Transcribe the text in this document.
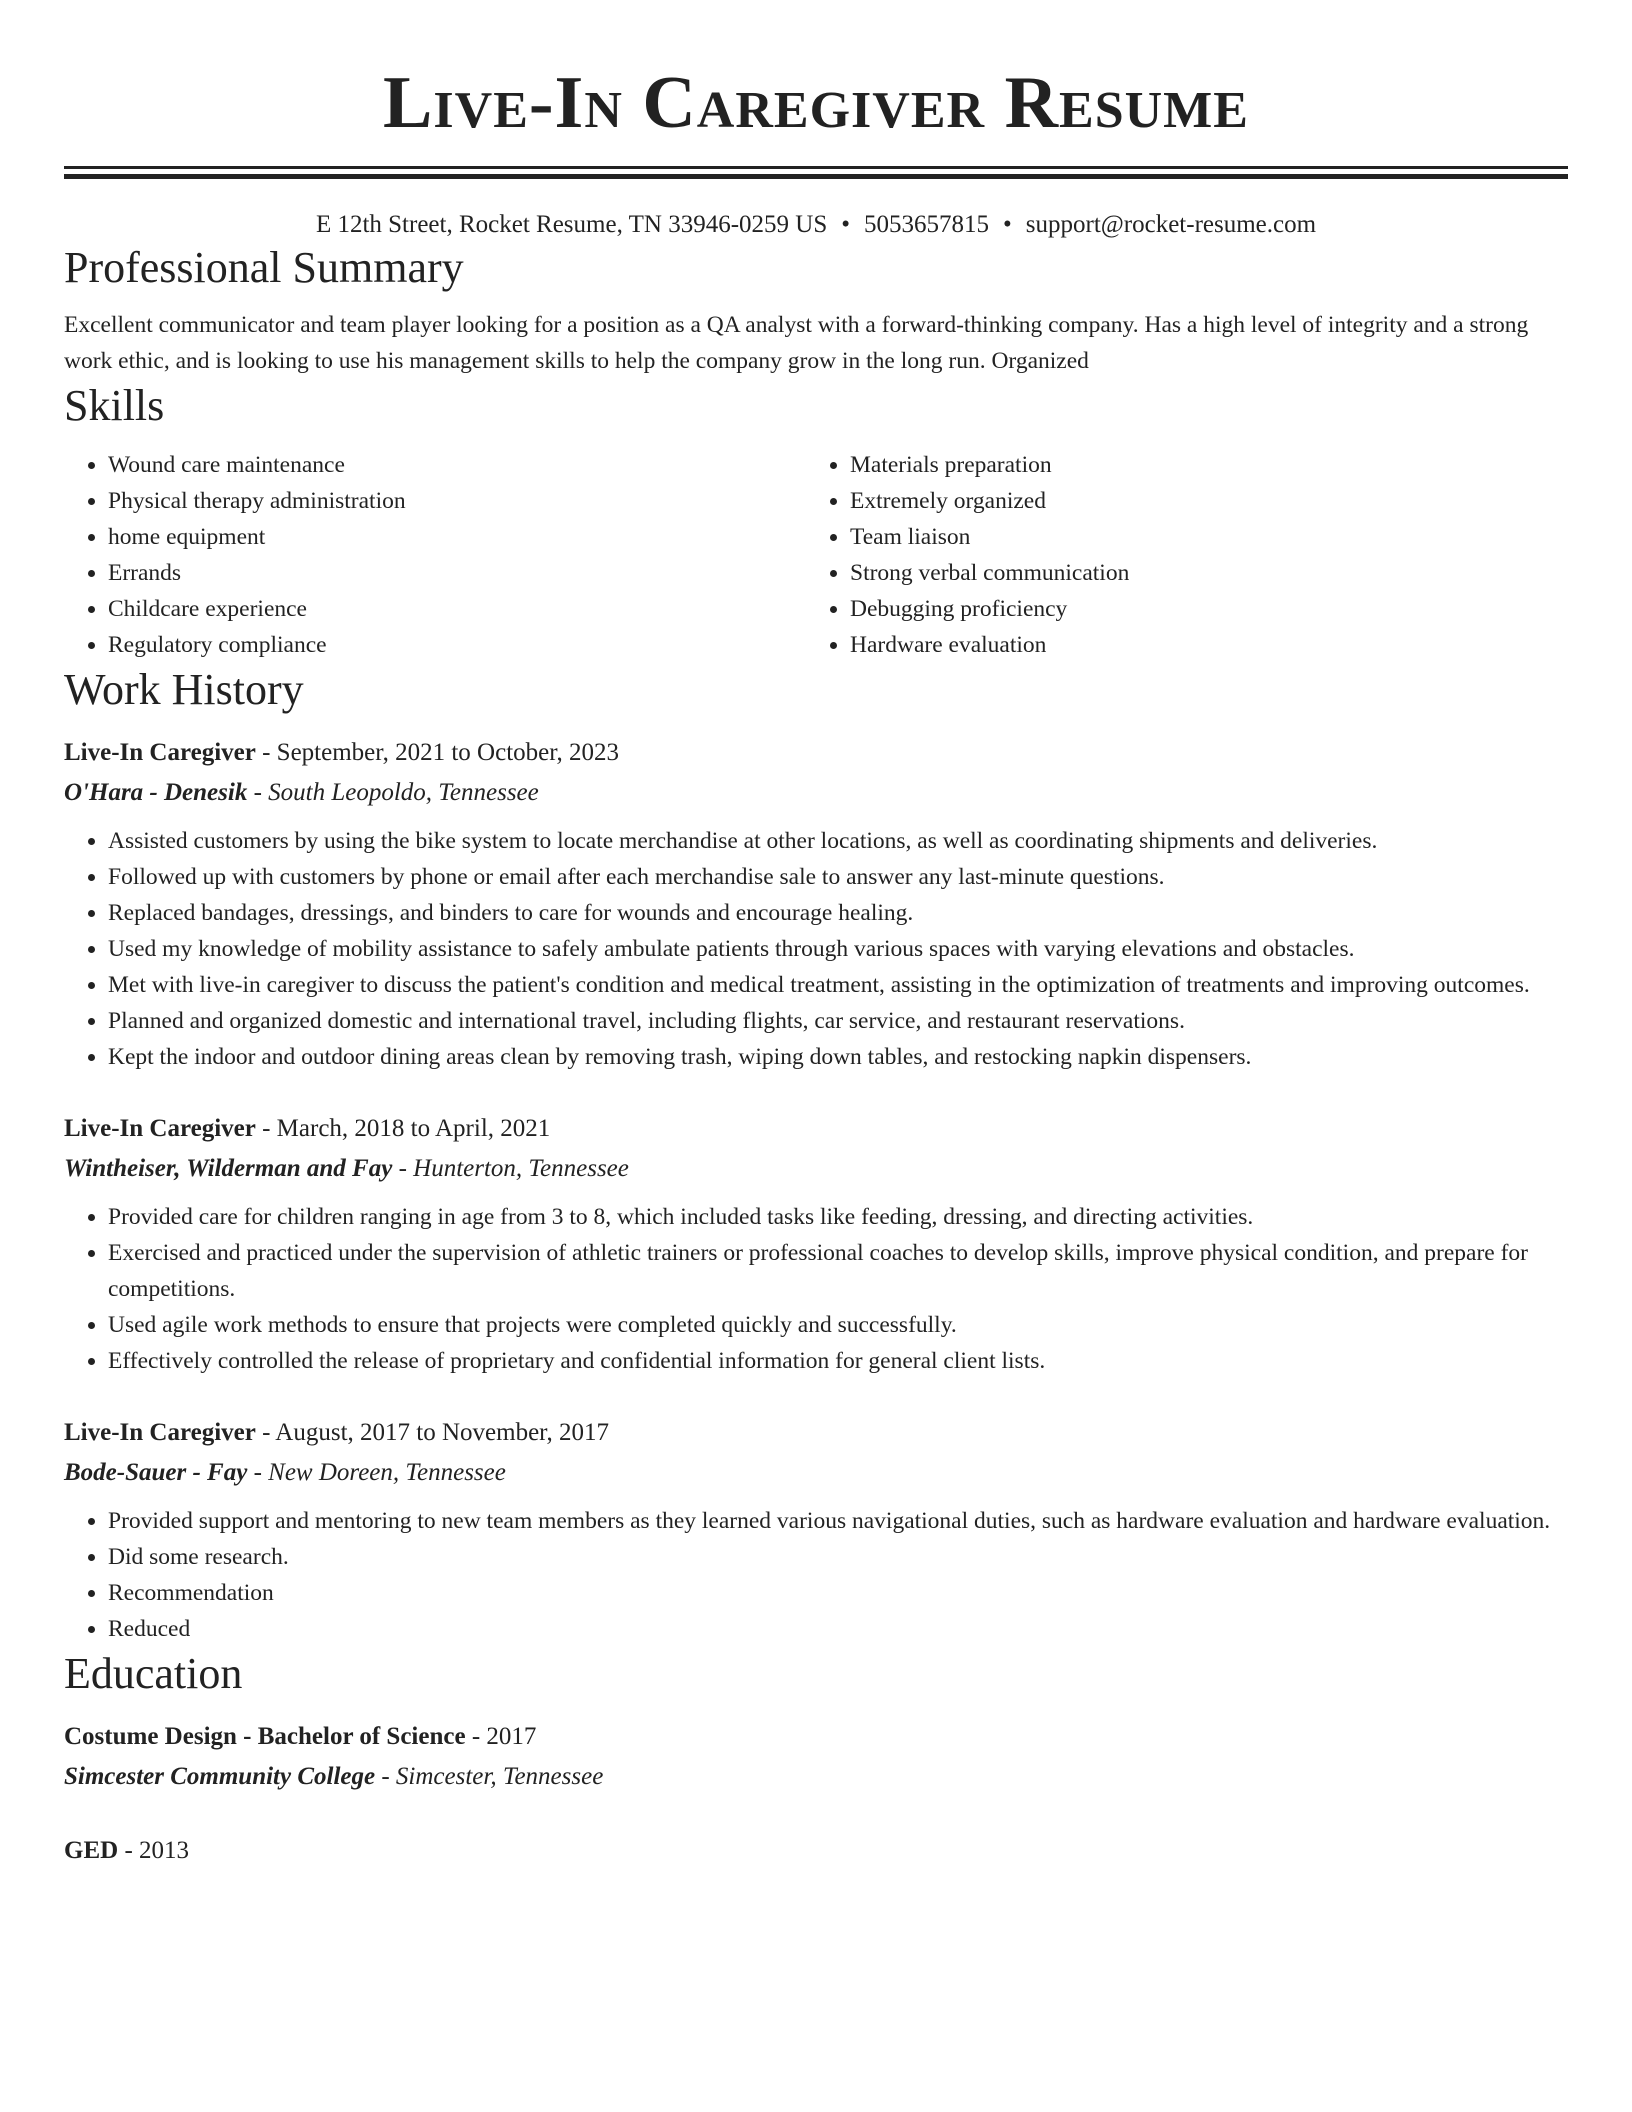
Live-In Caregiver Resume
E 12th Street, Rocket Resume, TN 33946-0259 US • 5053657815 • support@rocket-resume.com
Professional Summary

Excellent communicator and team player looking for a position as a QA analyst with a forward-thinking company. Has a high level of integrity and a strong work ethic, and is looking to use his management skills to help the company grow in the long run. Organized

Skills
• Wound care maintenance
• Physical therapy administration
• home equipment
• Errands
• Childcare experience
• Regulatory compliance
• Materials preparation
• Extremely organized
• Team liaison
• Strong verbal communication
• Debugging proficiency
• Hardware evaluation
Work History

Live-In Caregiver - September, 2021 to October, 2023

O'Hara - Denesik - South Leopoldo, Tennessee

• Assisted customers by using the bike system to locate merchandise at other locations, as well as coordinating shipments and deliveries.
• Followed up with customers by phone or email after each merchandise sale to answer any last-minute questions.
• Replaced bandages, dressings, and binders to care for wounds and encourage healing.
• Used my knowledge of mobility assistance to safely ambulate patients through various spaces with varying elevations and obstacles.
• Met with live-in caregiver to discuss the patient's condition and medical treatment, assisting in the optimization of treatments and improving outcomes.
• Planned and organized domestic and international travel, including flights, car service, and restaurant reservations.
• Kept the indoor and outdoor dining areas clean by removing trash, wiping down tables, and restocking napkin dispensers.

Live-In Caregiver - March, 2018 to April, 2021

Wintheiser, Wilderman and Fay - Hunterton, Tennessee

• Provided care for children ranging in age from 3 to 8, which included tasks like feeding, dressing, and directing activities.
• Exercised and practiced under the supervision of athletic trainers or professional coaches to develop skills, improve physical condition, and prepare for competitions.
• Used agile work methods to ensure that projects were completed quickly and successfully.
• Effectively controlled the release of proprietary and confidential information for general client lists.

Live-In Caregiver - August, 2017 to November, 2017

Bode-Sauer - Fay - New Doreen, Tennessee

• Provided support and mentoring to new team members as they learned various navigational duties, such as hardware evaluation and hardware evaluation.
• Did some research.
• Recommendation
• Reduced
Education

Costume Design - Bachelor of Science - 2017

Simcester Community College - Simcester, Tennessee

GED - 2013
